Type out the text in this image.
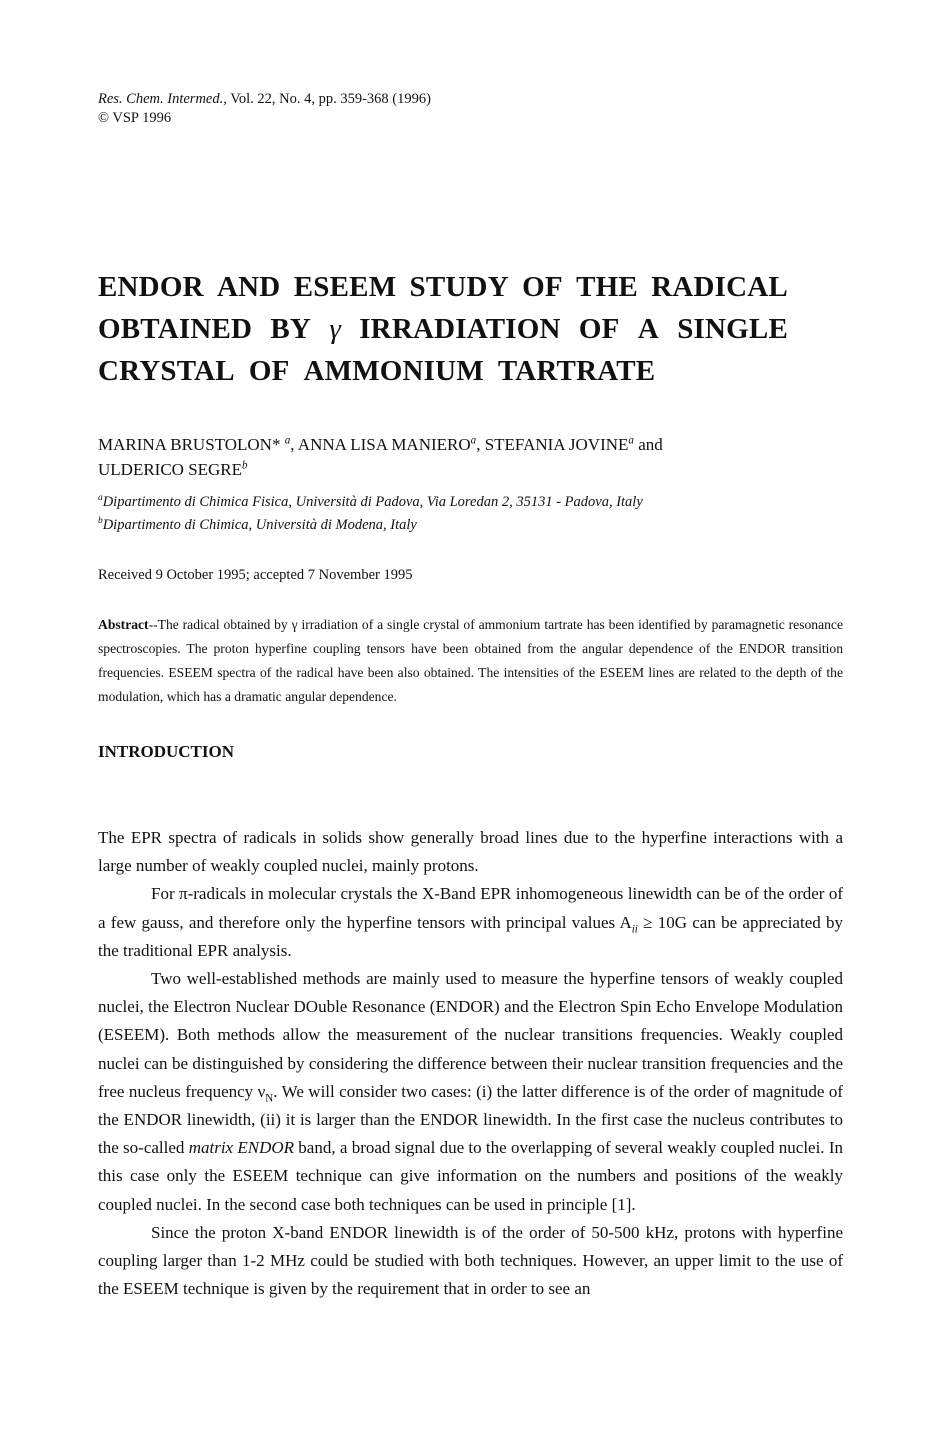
Res. Chem. Intermed., Vol. 22, No. 4, pp. 359-368 (1996)
© VSP 1996
ENDOR AND ESEEM STUDY OF THE RADICAL
OBTAINED BY γ IRRADIATION OF A SINGLE
CRYSTAL OF AMMONIUM TARTRATE
MARINA BRUSTOLON* $^a$, ANNA LISA MANIERO$^a$, STEFANIA JOVINE$^a$ and
ULDERICO SEGRE$^b$
$^a$Dipartimento di Chimica Fisica, Università di Padova, Via Loredan 2, 35131 - Padova, Italy
$^b$Dipartimento di Chimica, Università di Modena, Italy
Received 9 October 1995; accepted 7 November 1995
Abstract--The radical obtained by γ irradiation of a single crystal of ammonium tartrate has been identified by paramagnetic resonance spectroscopies. The proton hyperfine coupling tensors have been obtained from the angular dependence of the ENDOR transition frequencies. ESEEM spectra of the radical have been also obtained. The intensities of the ESEEM lines are related to the depth of the modulation, which has a dramatic angular dependence.
INTRODUCTION

The EPR spectra of radicals in solids show generally broad lines due to the hyperfine interactions with a large number of weakly coupled nuclei, mainly protons.

For π-radicals in molecular crystals the X-Band EPR inhomogeneous linewidth can be of the order of a few gauss, and therefore only the hyperfine tensors with principal values $A_{ii} \ge 10G$ can be appreciated by the traditional EPR analysis.

Two well-established methods are mainly used to measure the hyperfine tensors of weakly coupled nuclei, the Electron Nuclear DOuble Resonance (ENDOR) and the Electron Spin Echo Envelope Modulation (ESEEM). Both methods allow the measurement of the nuclear transitions frequencies. Weakly coupled nuclei can be distinguished by considering the difference between their nuclear transition frequencies and the free nucleus frequency $\nu_N$. We will consider two cases: (i) the latter difference is of the order of magnitude of the ENDOR linewidth, (ii) it is larger than the ENDOR linewidth. In the first case the nucleus contributes to the so-called matrix ENDOR band, a broad signal due to the overlapping of several weakly coupled nuclei. In this case only the ESEEM technique can give information on the numbers and positions of the weakly coupled nuclei. In the second case both techniques can be used in principle [1].

Since the proton X-band ENDOR linewidth is of the order of 50-500 kHz, protons with hyperfine coupling larger than 1-2 MHz could be studied with both techniques. However, an upper limit to the use of the ESEEM technique is given by the requirement that in order to see an
